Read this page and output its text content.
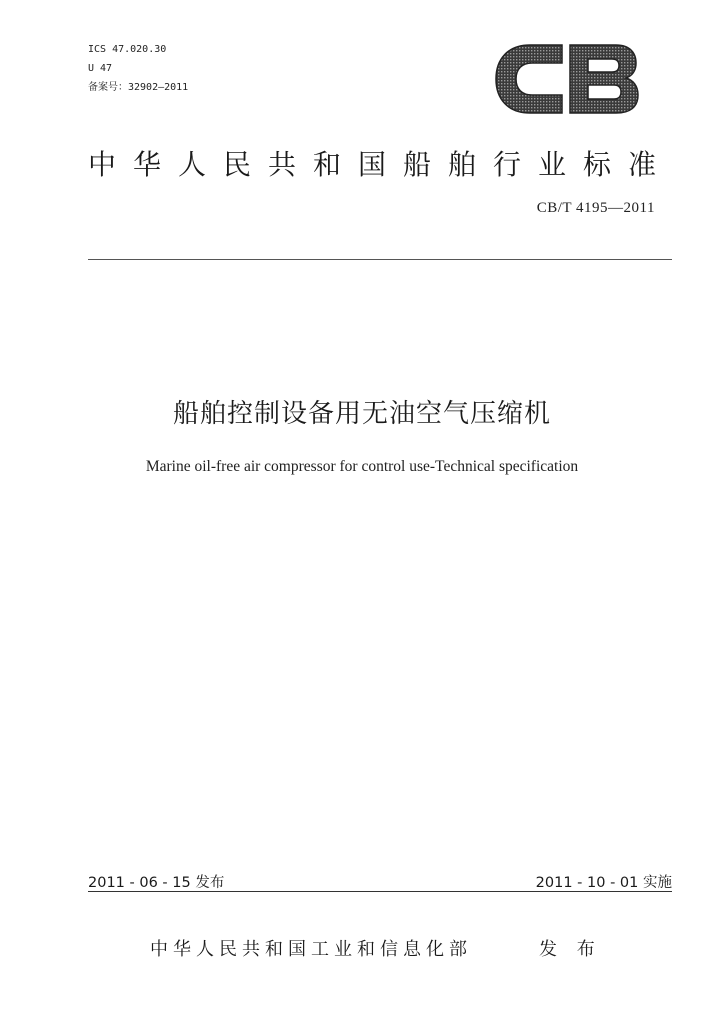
ICS 47.020.30
U 47
备案号：32902—2011
中华人民共和国船舶行业标准
CB/T 4195—2011
船舶控制设备用无油空气压缩机
Marine oil-free air compressor for control use-Technical specification
2011 - 06 - 15 发布	2011 - 10 - 01 实施
中华人民共和国工业和信息化部	发 布
